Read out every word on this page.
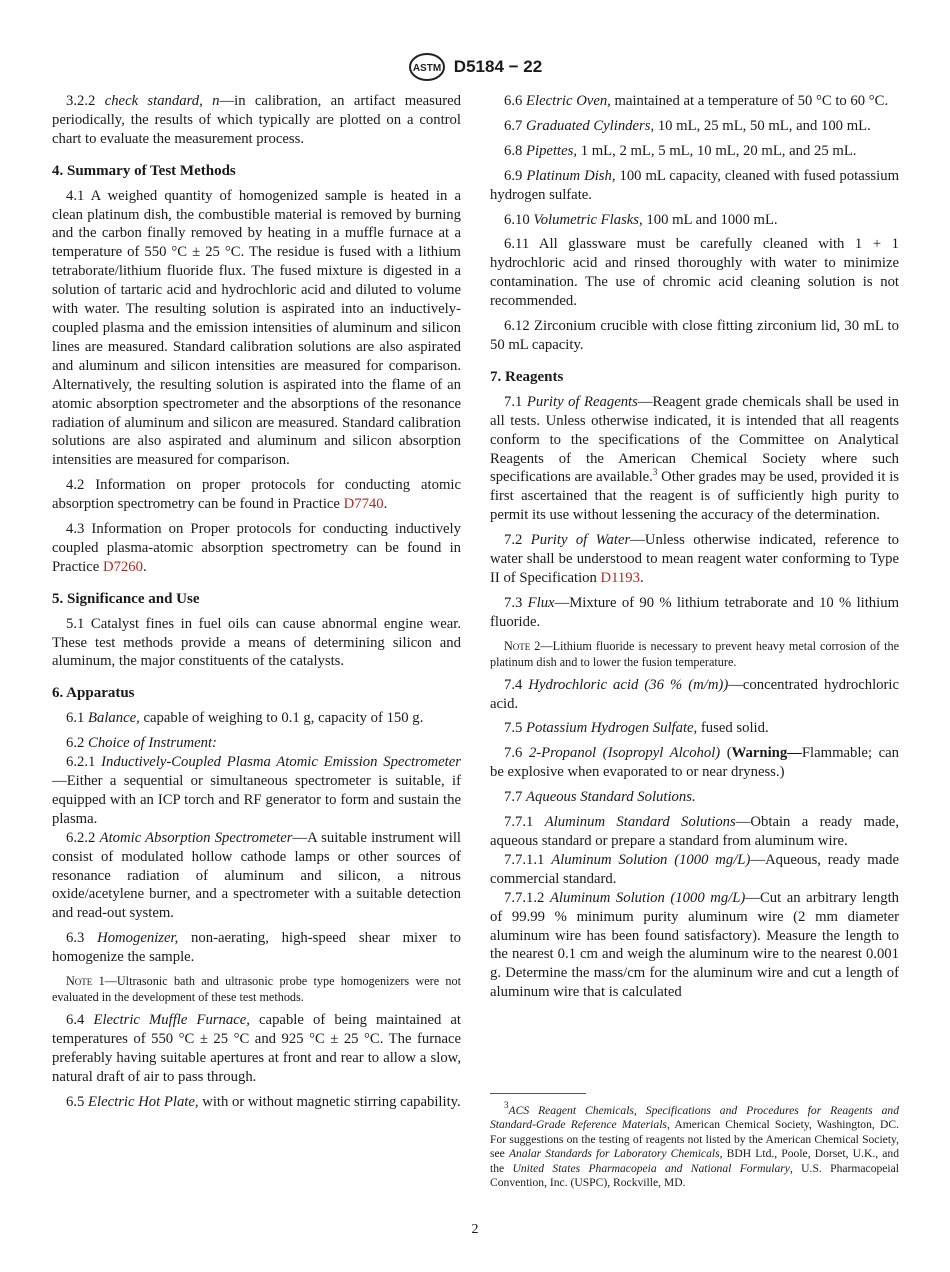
ASTM D5184 − 22

3.2.2 check standard, n—in calibration, an artifact measured periodically, the results of which typically are plotted on a control chart to evaluate the measurement process.

4. Summary of Test Methods

4.1 A weighed quantity of homogenized sample is heated in a clean platinum dish, the combustible material is removed by burning and the carbon finally removed by heating in a muffle furnace at a temperature of 550 °C ± 25 °C. The residue is fused with a lithium tetraborate/lithium fluoride flux. The fused mixture is digested in a solution of tartaric acid and hydrochloric acid and diluted to volume with water. The resulting solution is aspirated into an inductively-coupled plasma and the emission intensities of aluminum and silicon lines are measured. Standard calibration solutions are also aspirated and aluminum and silicon intensities are measured for comparison. Alternatively, the resulting solution is aspirated into the flame of an atomic absorption spectrometer and the absorptions of the resonance radiation of aluminum and silicon are measured. Standard calibration solutions are also aspirated and aluminum and silicon absorption intensities are measured for comparison.

4.2 Information on proper protocols for conducting atomic absorption spectrometry can be found in Practice D7740.

4.3 Information on Proper protocols for conducting inductively coupled plasma-atomic absorption spectrometry can be found in Practice D7260.

5. Significance and Use

5.1 Catalyst fines in fuel oils can cause abnormal engine wear. These test methods provide a means of determining silicon and aluminum, the major constituents of the catalysts.

6. Apparatus

6.1 Balance, capable of weighing to 0.1 g, capacity of 150 g.

6.2 Choice of Instrument:

6.2.1 Inductively-Coupled Plasma Atomic Emission Spectrometer—Either a sequential or simultaneous spectrometer is suitable, if equipped with an ICP torch and RF generator to form and sustain the plasma.

6.2.2 Atomic Absorption Spectrometer—A suitable instrument will consist of modulated hollow cathode lamps or other sources of resonance radiation of aluminum and silicon, a nitrous oxide/acetylene burner, and a spectrometer with a suitable detection and read-out system.

6.3 Homogenizer, non-aerating, high-speed shear mixer to homogenize the sample.

Note 1—Ultrasonic bath and ultrasonic probe type homogenizers were not evaluated in the development of these test methods.

6.4 Electric Muffle Furnace, capable of being maintained at temperatures of 550 °C ± 25 °C and 925 °C ± 25 °C. The furnace preferably having suitable apertures at front and rear to allow a slow, natural draft of air to pass through.

6.5 Electric Hot Plate, with or without magnetic stirring capability.

6.6 Electric Oven, maintained at a temperature of 50 °C to 60 °C.

6.7 Graduated Cylinders, 10 mL, 25 mL, 50 mL, and 100 mL.

6.8 Pipettes, 1 mL, 2 mL, 5 mL, 10 mL, 20 mL, and 25 mL.

6.9 Platinum Dish, 100 mL capacity, cleaned with fused potassium hydrogen sulfate.

6.10 Volumetric Flasks, 100 mL and 1000 mL.

6.11 All glassware must be carefully cleaned with 1 + 1 hydrochloric acid and rinsed thoroughly with water to minimize contamination. The use of chromic acid cleaning solution is not recommended.

6.12 Zirconium crucible with close fitting zirconium lid, 30 mL to 50 mL capacity.

7. Reagents

7.1 Purity of Reagents—Reagent grade chemicals shall be used in all tests. Unless otherwise indicated, it is intended that all reagents conform to the specifications of the Committee on Analytical Reagents of the American Chemical Society where such specifications are available.$^3$ Other grades may be used, provided it is first ascertained that the reagent is of sufficiently high purity to permit its use without lessening the accuracy of the determination.

7.2 Purity of Water—Unless otherwise indicated, reference to water shall be understood to mean reagent water conforming to Type II of Specification D1193.

7.3 Flux—Mixture of 90 % lithium tetraborate and 10 % lithium fluoride.

Note 2—Lithium fluoride is necessary to prevent heavy metal corrosion of the platinum dish and to lower the fusion temperature.

7.4 Hydrochloric acid (36 % (m/m))—concentrated hydrochloric acid.

7.5 Potassium Hydrogen Sulfate, fused solid.

7.6 2-Propanol (Isopropyl Alcohol) (Warning—Flammable; can be explosive when evaporated to or near dryness.)

7.7 Aqueous Standard Solutions.

7.7.1 Aluminum Standard Solutions—Obtain a ready made, aqueous standard or prepare a standard from aluminum wire.

7.7.1.1 Aluminum Solution (1000 mg/L)—Aqueous, ready made commercial standard.

7.7.1.2 Aluminum Solution (1000 mg/L)—Cut an arbitrary length of 99.99 % minimum purity aluminum wire (2 mm diameter aluminum wire has been found satisfactory). Measure the length to the nearest 0.1 cm and weigh the aluminum wire to the nearest 0.001 g. Determine the mass/cm for the aluminum wire and cut a length of aluminum wire that is calculated

$^3$ACS Reagent Chemicals, Specifications and Procedures for Reagents and Standard-Grade Reference Materials, American Chemical Society, Washington, DC. For suggestions on the testing of reagents not listed by the American Chemical Society, see Analar Standards for Laboratory Chemicals, BDH Ltd., Poole, Dorset, U.K., and the United States Pharmacopeia and National Formulary, U.S. Pharmacopeial Convention, Inc. (USPC), Rockville, MD.
2
